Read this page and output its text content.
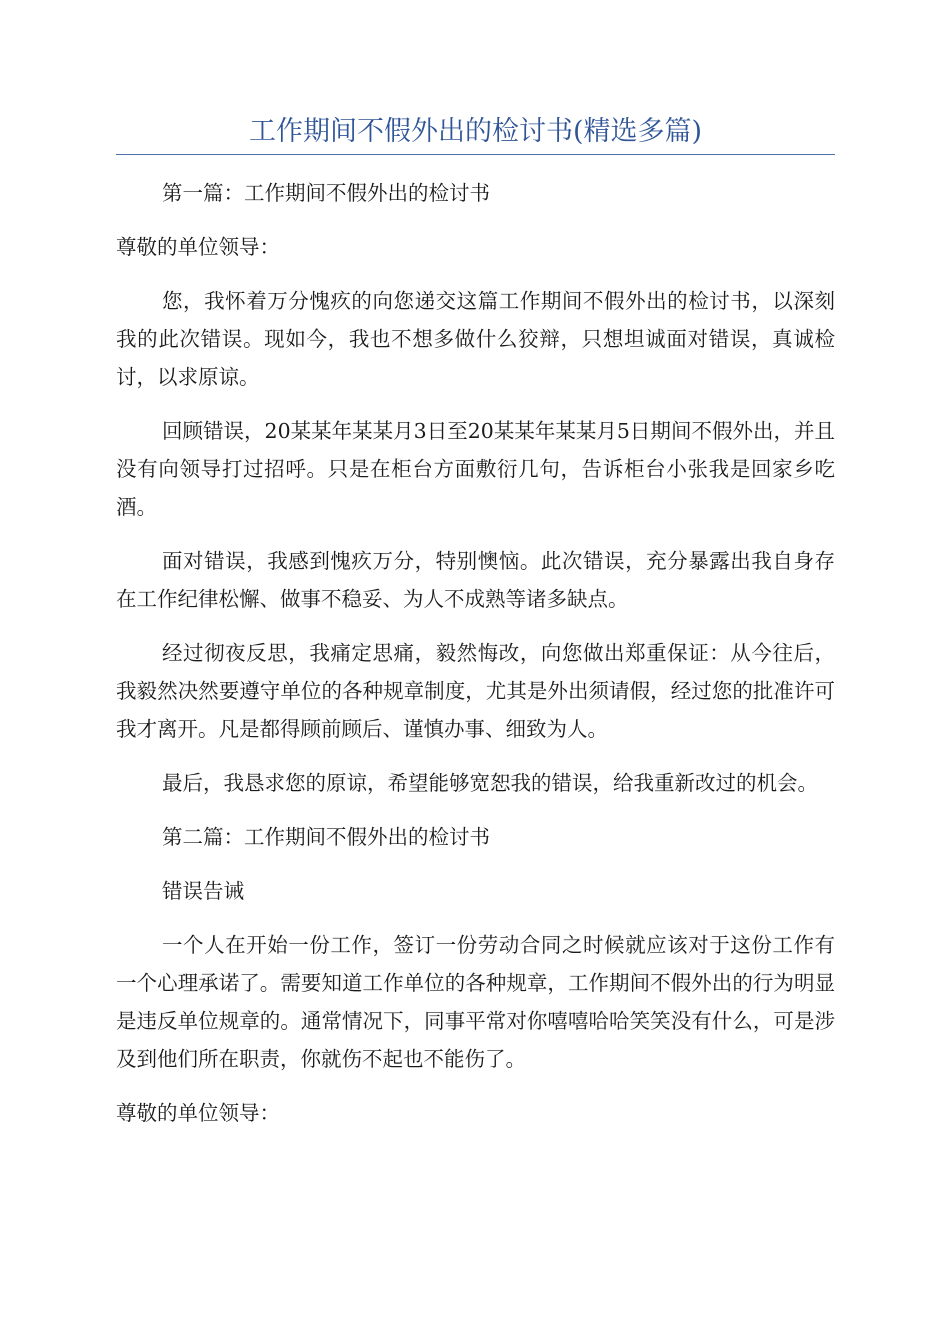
工作期间不假外出的检讨书(精选多篇)

第一篇：工作期间不假外出的检讨书

尊敬的单位领导：

您，我怀着万分愧疚的向您递交这篇工作期间不假外出的检讨书，以深刻我的此次错误。现如今，我也不想多做什么狡辩，只想坦诚面对错误，真诚检讨，以求原谅。

回顾错误，20某某年某某月3日至20某某年某某月5日期间不假外出，并且没有向领导打过招呼。只是在柜台方面敷衍几句，告诉柜台小张我是回家乡吃酒。

面对错误，我感到愧疚万分，特别懊恼。此次错误，充分暴露出我自身存在工作纪律松懈、做事不稳妥、为人不成熟等诸多缺点。

经过彻夜反思，我痛定思痛，毅然悔改，向您做出郑重保证：从今往后，我毅然决然要遵守单位的各种规章制度，尤其是外出须请假，经过您的批准许可我才离开。凡是都得顾前顾后、谨慎办事、细致为人。

最后，我恳求您的原谅，希望能够宽恕我的错误，给我重新改过的机会。

第二篇：工作期间不假外出的检讨书

错误告诫

一个人在开始一份工作，签订一份劳动合同之时候就应该对于这份工作有一个心理承诺了。需要知道工作单位的各种规章，工作期间不假外出的行为明显是违反单位规章的。通常情况下，同事平常对你嘻嘻哈哈笑笑没有什么，可是涉及到他们所在职责，你就伤不起也不能伤了。

尊敬的单位领导：
